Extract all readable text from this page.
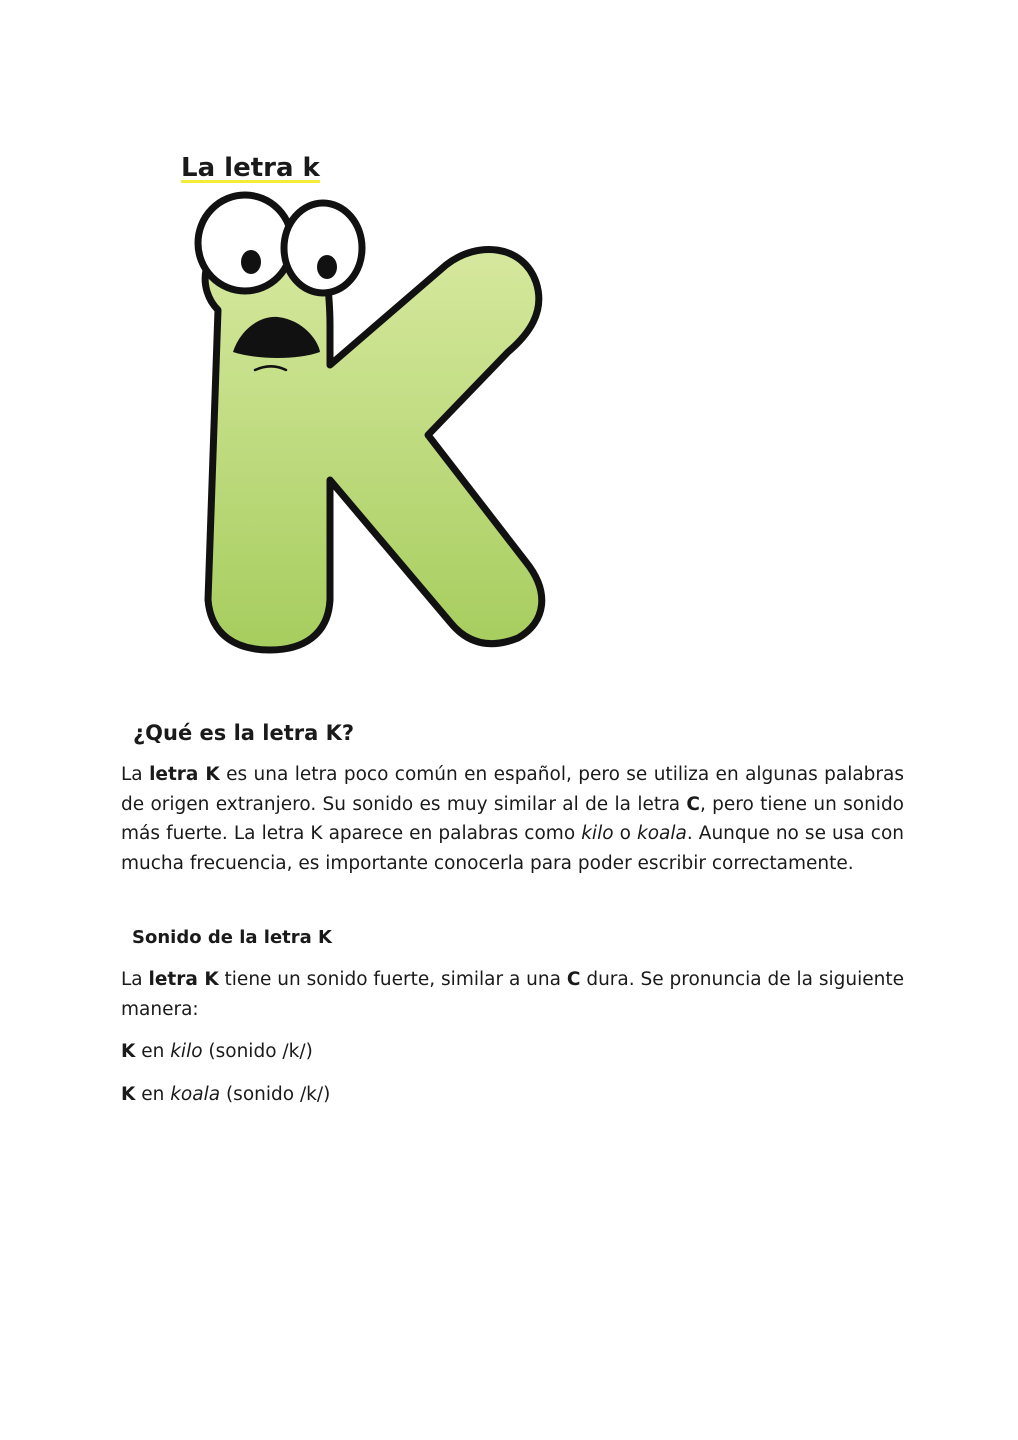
La letra k
¿Qué es la letra K?

La letra K es una letra poco común en español, pero se utiliza en algunas palabras de origen extranjero. Su sonido es muy similar al de la letra C, pero tiene un sonido más fuerte. La letra K aparece en palabras como kilo o koala. Aunque no se usa con mucha frecuencia, es importante conocerla para poder escribir correctamente.

Sonido de la letra K

La letra K tiene un sonido fuerte, similar a una C dura. Se pronuncia de la siguiente manera:

K en kilo (sonido /k/)

K en koala (sonido /k/)
